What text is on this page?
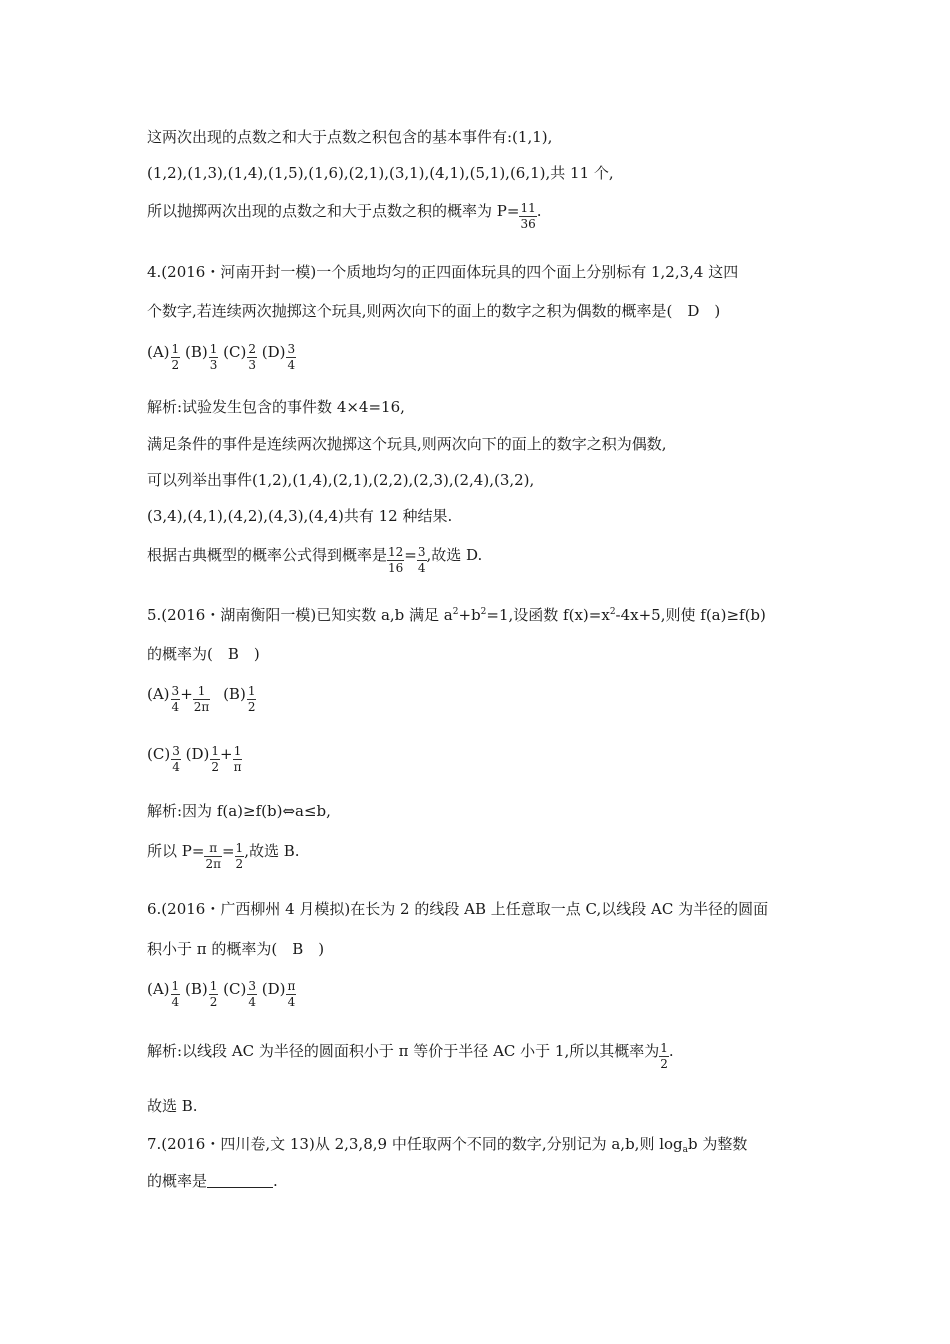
这两次出现的点数之和大于点数之积包含的基本事件有:(1,1),
(1,2),(1,3),(1,4),(1,5),(1,6),(2,1),(3,1),(4,1),(5,1),(6,1),共 11 个,
所以抛掷两次出现的点数之和大于点数之积的概率为 $P= \frac{11}{36}$ .
4.(2016・河南开封一模)一个质地均匀的正四面体玩具的四个面上分别标有 1,2,3,4 这四
个数字,若连续两次抛掷这个玩具,则两次向下的面上的数字之积为偶数的概率是(　D　)
$(A) \frac{1}{2} (B) \frac{1}{3} (C) \frac{2}{3} (D) \frac{3}{4}$
解析:试验发生包含的事件数 4×4=16,
满足条件的事件是连续两次抛掷这个玩具,则两次向下的面上的数字之积为偶数,
可以列举出事件(1,2),(1,4),(2,1),(2,2),(2,3),(2,4),(3,2),
(3,4),(4,1),(4,2),(4,3),(4,4)共有 12 种结果.
根据古典概型的概率公式得到概率是 $\frac{12}{16} = \frac{3}{4}$ ,故选 D.
5.(2016・湖南衡阳一模)已知实数 a,b 满足 $a^2+b^2=1$,设函数 $f(x)=x^2-4x+5$,则使 f(a)≥f(b)
的概率为(　B　)
$(A) \frac{3}{4} + \frac{1}{2\pi} (B) \frac{1}{2}$
$(C) \frac{3}{4} (D) \frac{1}{2} + \frac{1}{\pi}$
解析:因为 f(a)≥f(b)⇔a≤b,
所以 $P= \frac{\pi}{2\pi} = \frac{1}{2}$ ,故选 B.
6.(2016・广西柳州 4 月模拟)在长为 2 的线段 AB 上任意取一点 C,以线段 AC 为半径的圆面
积小于 π 的概率为(　B　)
$(A) \frac{1}{4} (B) \frac{1}{2} (C) \frac{3}{4} (D) \frac{\pi}{4}$
解析:以线段 AC 为半径的圆面积小于 π 等价于半径 AC 小于 1,所以其概率为 $\frac{1}{2}$ .
故选 B.
7.(2016・四川卷,文 13)从 2,3,8,9 中任取两个不同的数字,分别记为 a,b,则 $\log_ab$ 为整数
的概率是	.
